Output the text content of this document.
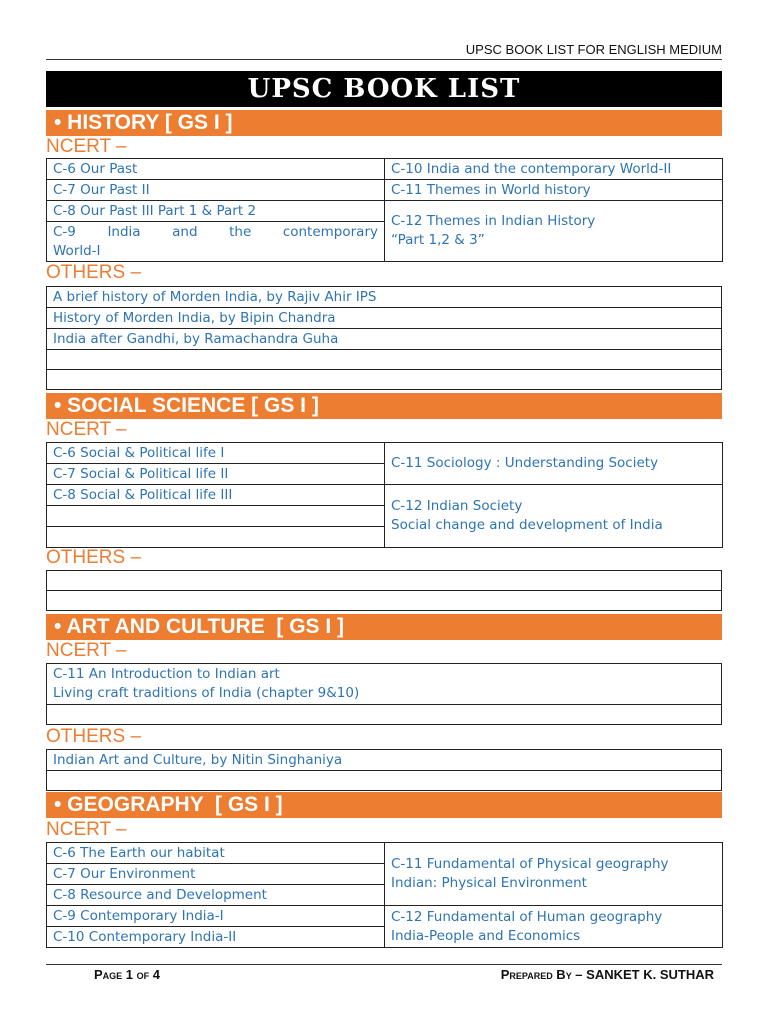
UPSC BOOK LIST FOR ENGLISH MEDIUM
UPSC BOOK LIST
• HISTORY [ GS I ]
NCERT –
C-6 Our Past	C-10 India and the contemporary World-II
C-7 Our Past II	C-11 Themes in World history
C-8 Our Past III Part 1 & Part 2	C-12 Themes in Indian History
“Part 1,2 & 3”

C-9 India and the contemporary
World-I	
OTHERS –
A brief history of Morden India, by Rajiv Ahir IPS
History of Morden India, by Bipin Chandra
India after Gandhi, by Ramachandra Guha

• SOCIAL SCIENCE [ GS I ]
NCERT –
C-6 Social & Political life I	C-11 Sociology : Understanding Society
C-7 Social & Political life II	
C-8 Social & Political life III	C-12 Indian Society
Social change and development of India

OTHERS –

• ART AND CULTURE  [ GS I ]
NCERT –
C-11 An Introduction to Indian art
Living craft traditions of India (chapter 9&10)

OTHERS –
Indian Art and Culture, by Nitin Singhaniya

• GEOGRAPHY  [ GS I ]
NCERT –
C-6 The Earth our habitat	C-11 Fundamental of Physical geography
Indian: Physical Environment

C-7 Our Environment	
C-8 Resource and Development	
C-9 Contemporary India-I	C-12 Fundamental of Human geography
India-People and Economics

C-10 Contemporary India-II	
Page 1 of 4	Prepared By – SANKET K. SUTHAR
